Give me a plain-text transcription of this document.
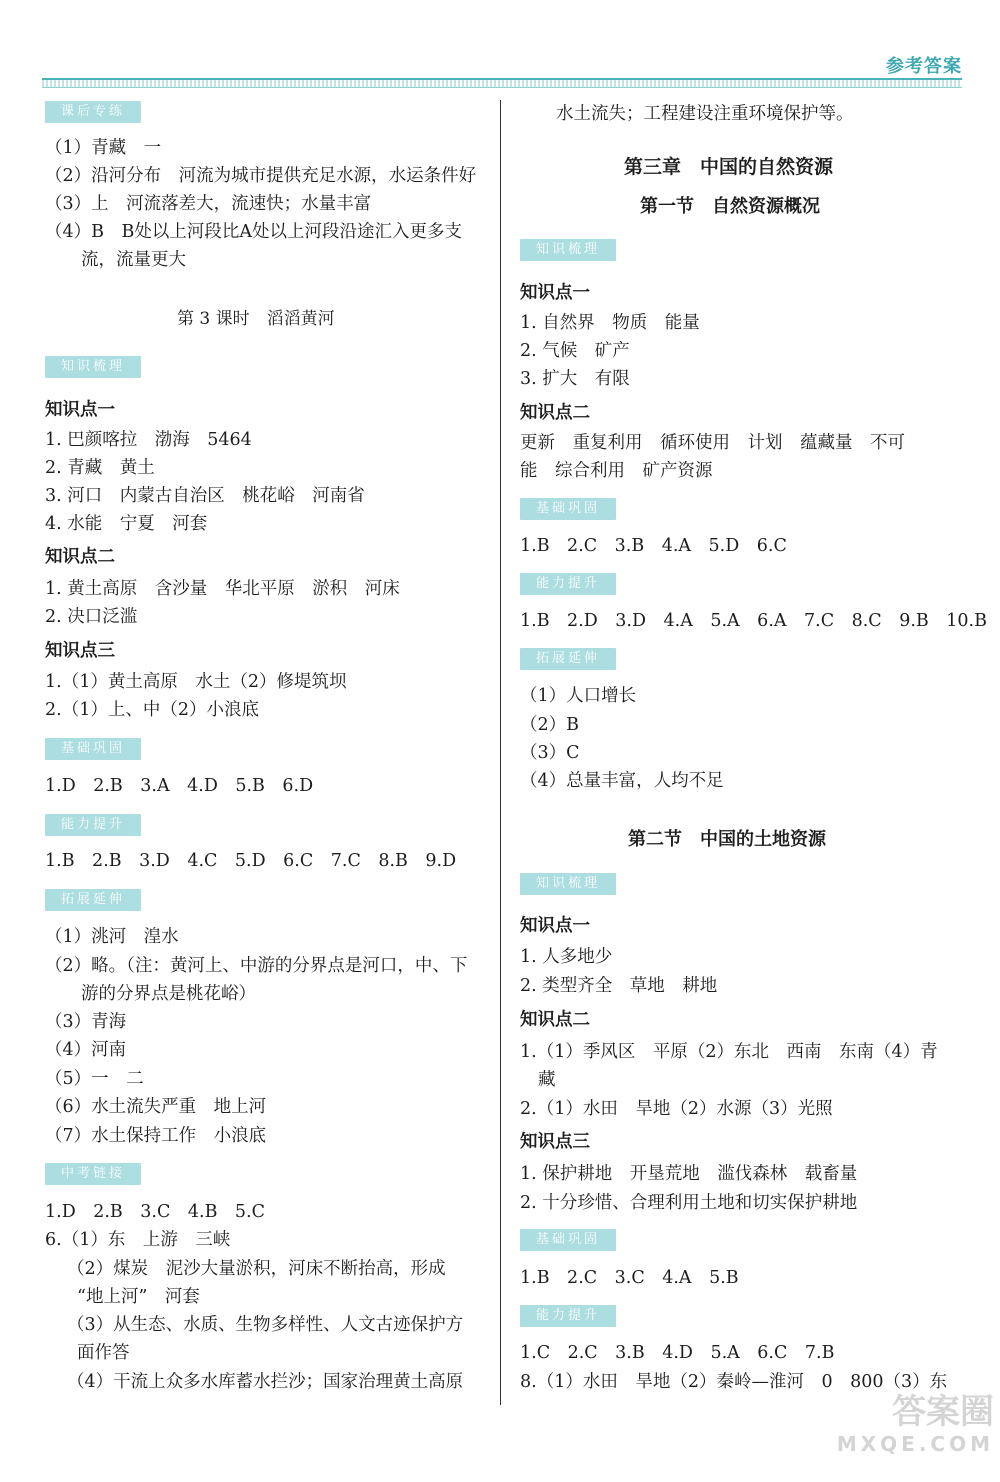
参考答案
课后专练
（1）青藏　一
（2）沿河分布　河流为城市提供充足水源，水运条件好
（3）上　河流落差大，流速快；水量丰富
（4）B　B处以上河段比A处以上河段沿途汇入更多支
流，流量更大
第 3 课时　滔滔黄河
知识梳理
知识点一
1. 巴颜喀拉　渤海　5464
2. 青藏　黄土
3. 河口　内蒙古自治区　桃花峪　河南省
4. 水能　宁夏　河套
知识点二
1. 黄土高原　含沙量　华北平原　淤积　河床
2. 决口泛滥
知识点三
1.（1）黄土高原　水土（2）修堤筑坝
2.（1）上、中（2）小浪底
基础巩固
1.D　2.B　3.A　4.D　5.B　6.D
能力提升
1.B　2.B　3.D　4.C　5.D　6.C　7.C　8.B　9.D
拓展延伸
（1）洮河　湟水
（2）略。（注：黄河上、中游的分界点是河口，中、下
游的分界点是桃花峪）
（3）青海
（4）河南
（5）一　二
（6）水土流失严重　地上河
（7）水土保持工作　小浪底
中考链接
1.D　2.B　3.C　4.B　5.C
6.（1）东　上游　三峡
（2）煤炭　泥沙大量淤积，河床不断抬高，形成
“地上河”　河套
（3）从生态、水质、生物多样性、人文古迹保护方
面作答
（4）干流上众多水库蓄水拦沙；国家治理黄土高原
水土流失；工程建设注重环境保护等。
第三章　中国的自然资源
第一节　自然资源概况
知识梳理
知识点一
1. 自然界　物质　能量
2. 气候　矿产
3. 扩大　有限
知识点二
更新　重复利用　循环使用　计划　蕴藏量　不可
能　综合利用　矿产资源
基础巩固
1.B　2.C　3.B　4.A　5.D　6.C
能力提升
1.B　2.D　3.D　4.A　5.A　6.A　7.C　8.C　9.B　10.B
拓展延伸
（1）人口增长
（2）B
（3）C
（4）总量丰富，人均不足
第二节　中国的土地资源
知识梳理
知识点一
1. 人多地少
2. 类型齐全　草地　耕地
知识点二
1.（1）季风区　平原（2）东北　西南　东南（4）青
藏
2.（1）水田　旱地（2）水源（3）光照
知识点三
1. 保护耕地　开垦荒地　滥伐森林　载畜量
2. 十分珍惜、合理利用土地和切实保护耕地
基础巩固
1.B　2.C　3.C　4.A　5.B
能力提升
1.C　2.C　3.B　4.D　5.A　6.C　7.B
8.（1）水田　旱地（2）秦岭—淮河　0　800（3）东
答案圈
MXQE.COM
